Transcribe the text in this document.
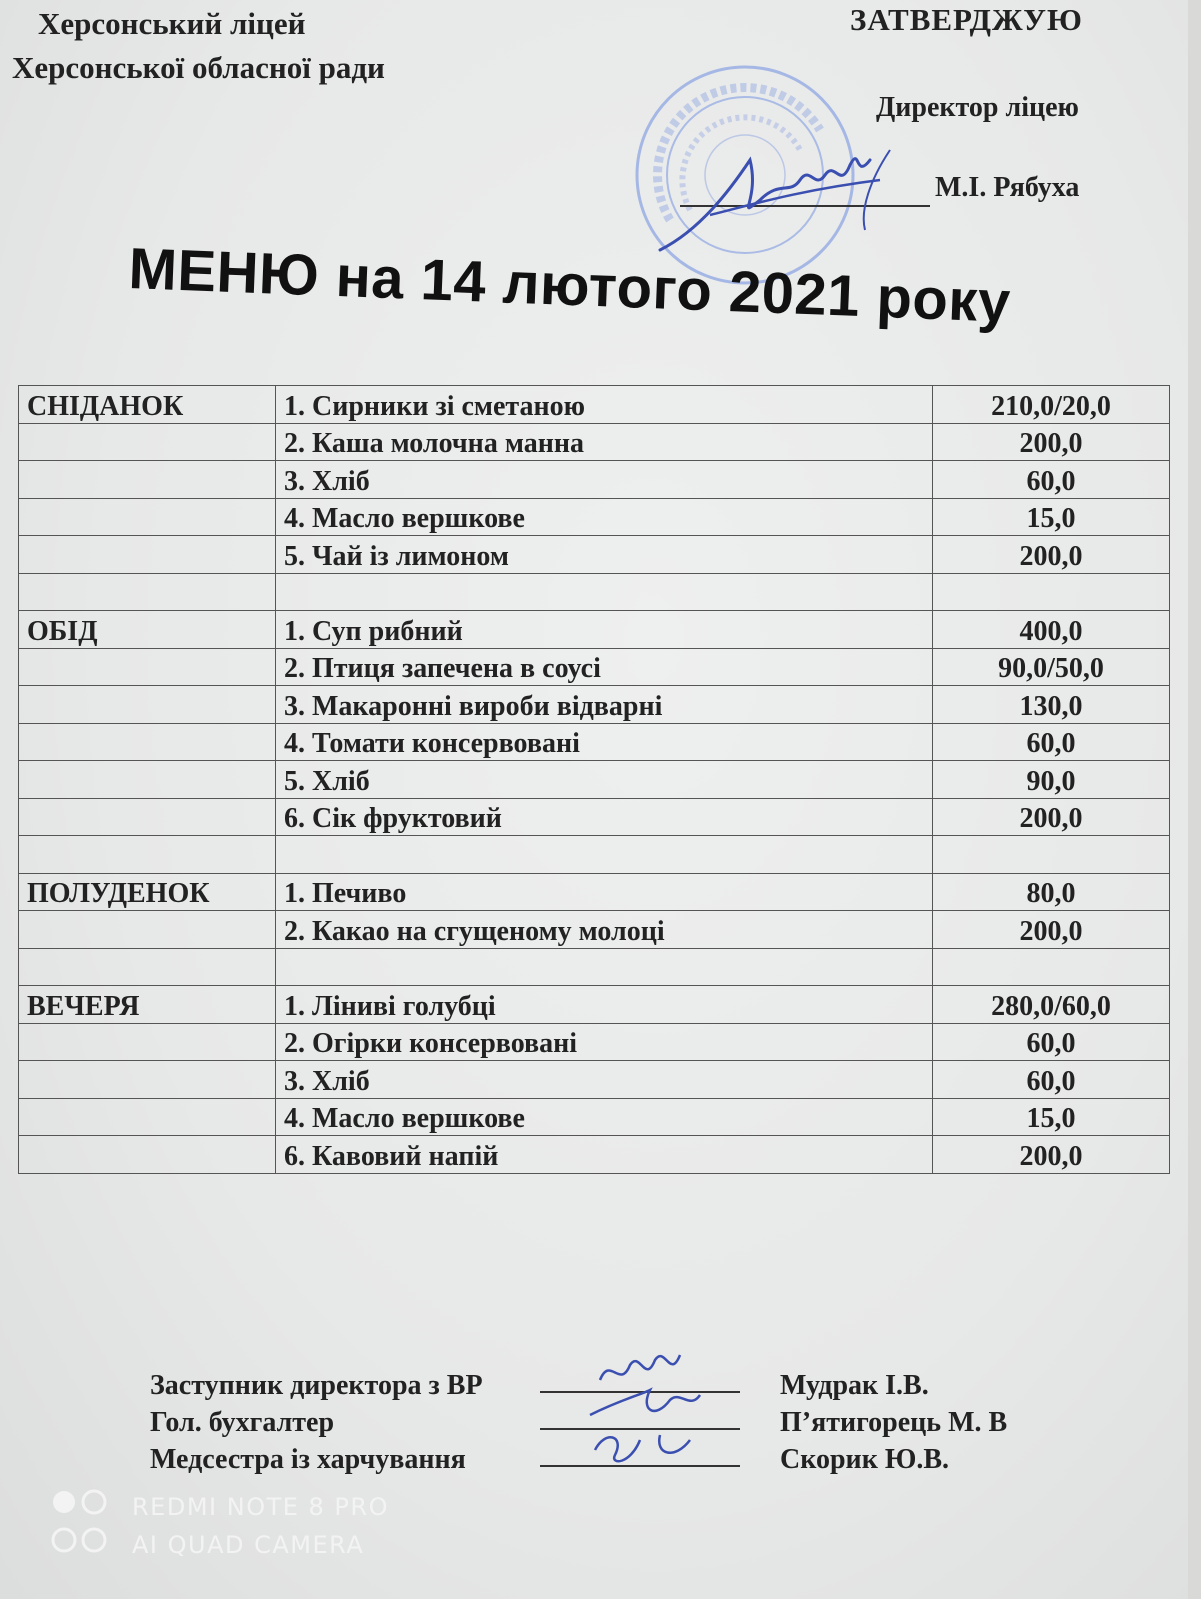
Херсонський ліцей
Херсонської обласної ради
ЗАТВЕРДЖУЮ
Директор ліцею
М.І. Рябуха
МЕНЮ на 14 лютого 2021 року
СНІДАНОК	1. Сирники зі сметаною	210,0/20,0
	2. Каша молочна манна	200,0
	3. Хліб	60,0
	4. Масло вершкове	15,0
	5. Чай із лимоном	200,0

ОБІД	1. Суп рибний	400,0
	2. Птиця запечена в соусі	90,0/50,0
	3. Макаронні вироби відварні	130,0
	4. Томати консервовані	60,0
	5. Хліб	90,0
	6. Сік фруктовий	200,0

ПОЛУДЕНОК	1. Печиво	80,0
	2. Какао на сгущеному молоці	200,0

ВЕЧЕРЯ	1. Ліниві голубці	280,0/60,0
	2. Огірки консервовані	60,0
	3. Хліб	60,0
	4. Масло вершкове	15,0
	6. Кавовий напій	200,0
Заступник директора з ВР	Мудрак І.В.
Гол. бухгалтер	П’ятигорець М. В
Медсестра із харчування	Скорик Ю.В.
REDMI NOTE 8 PRO
AI QUAD CAMERA
